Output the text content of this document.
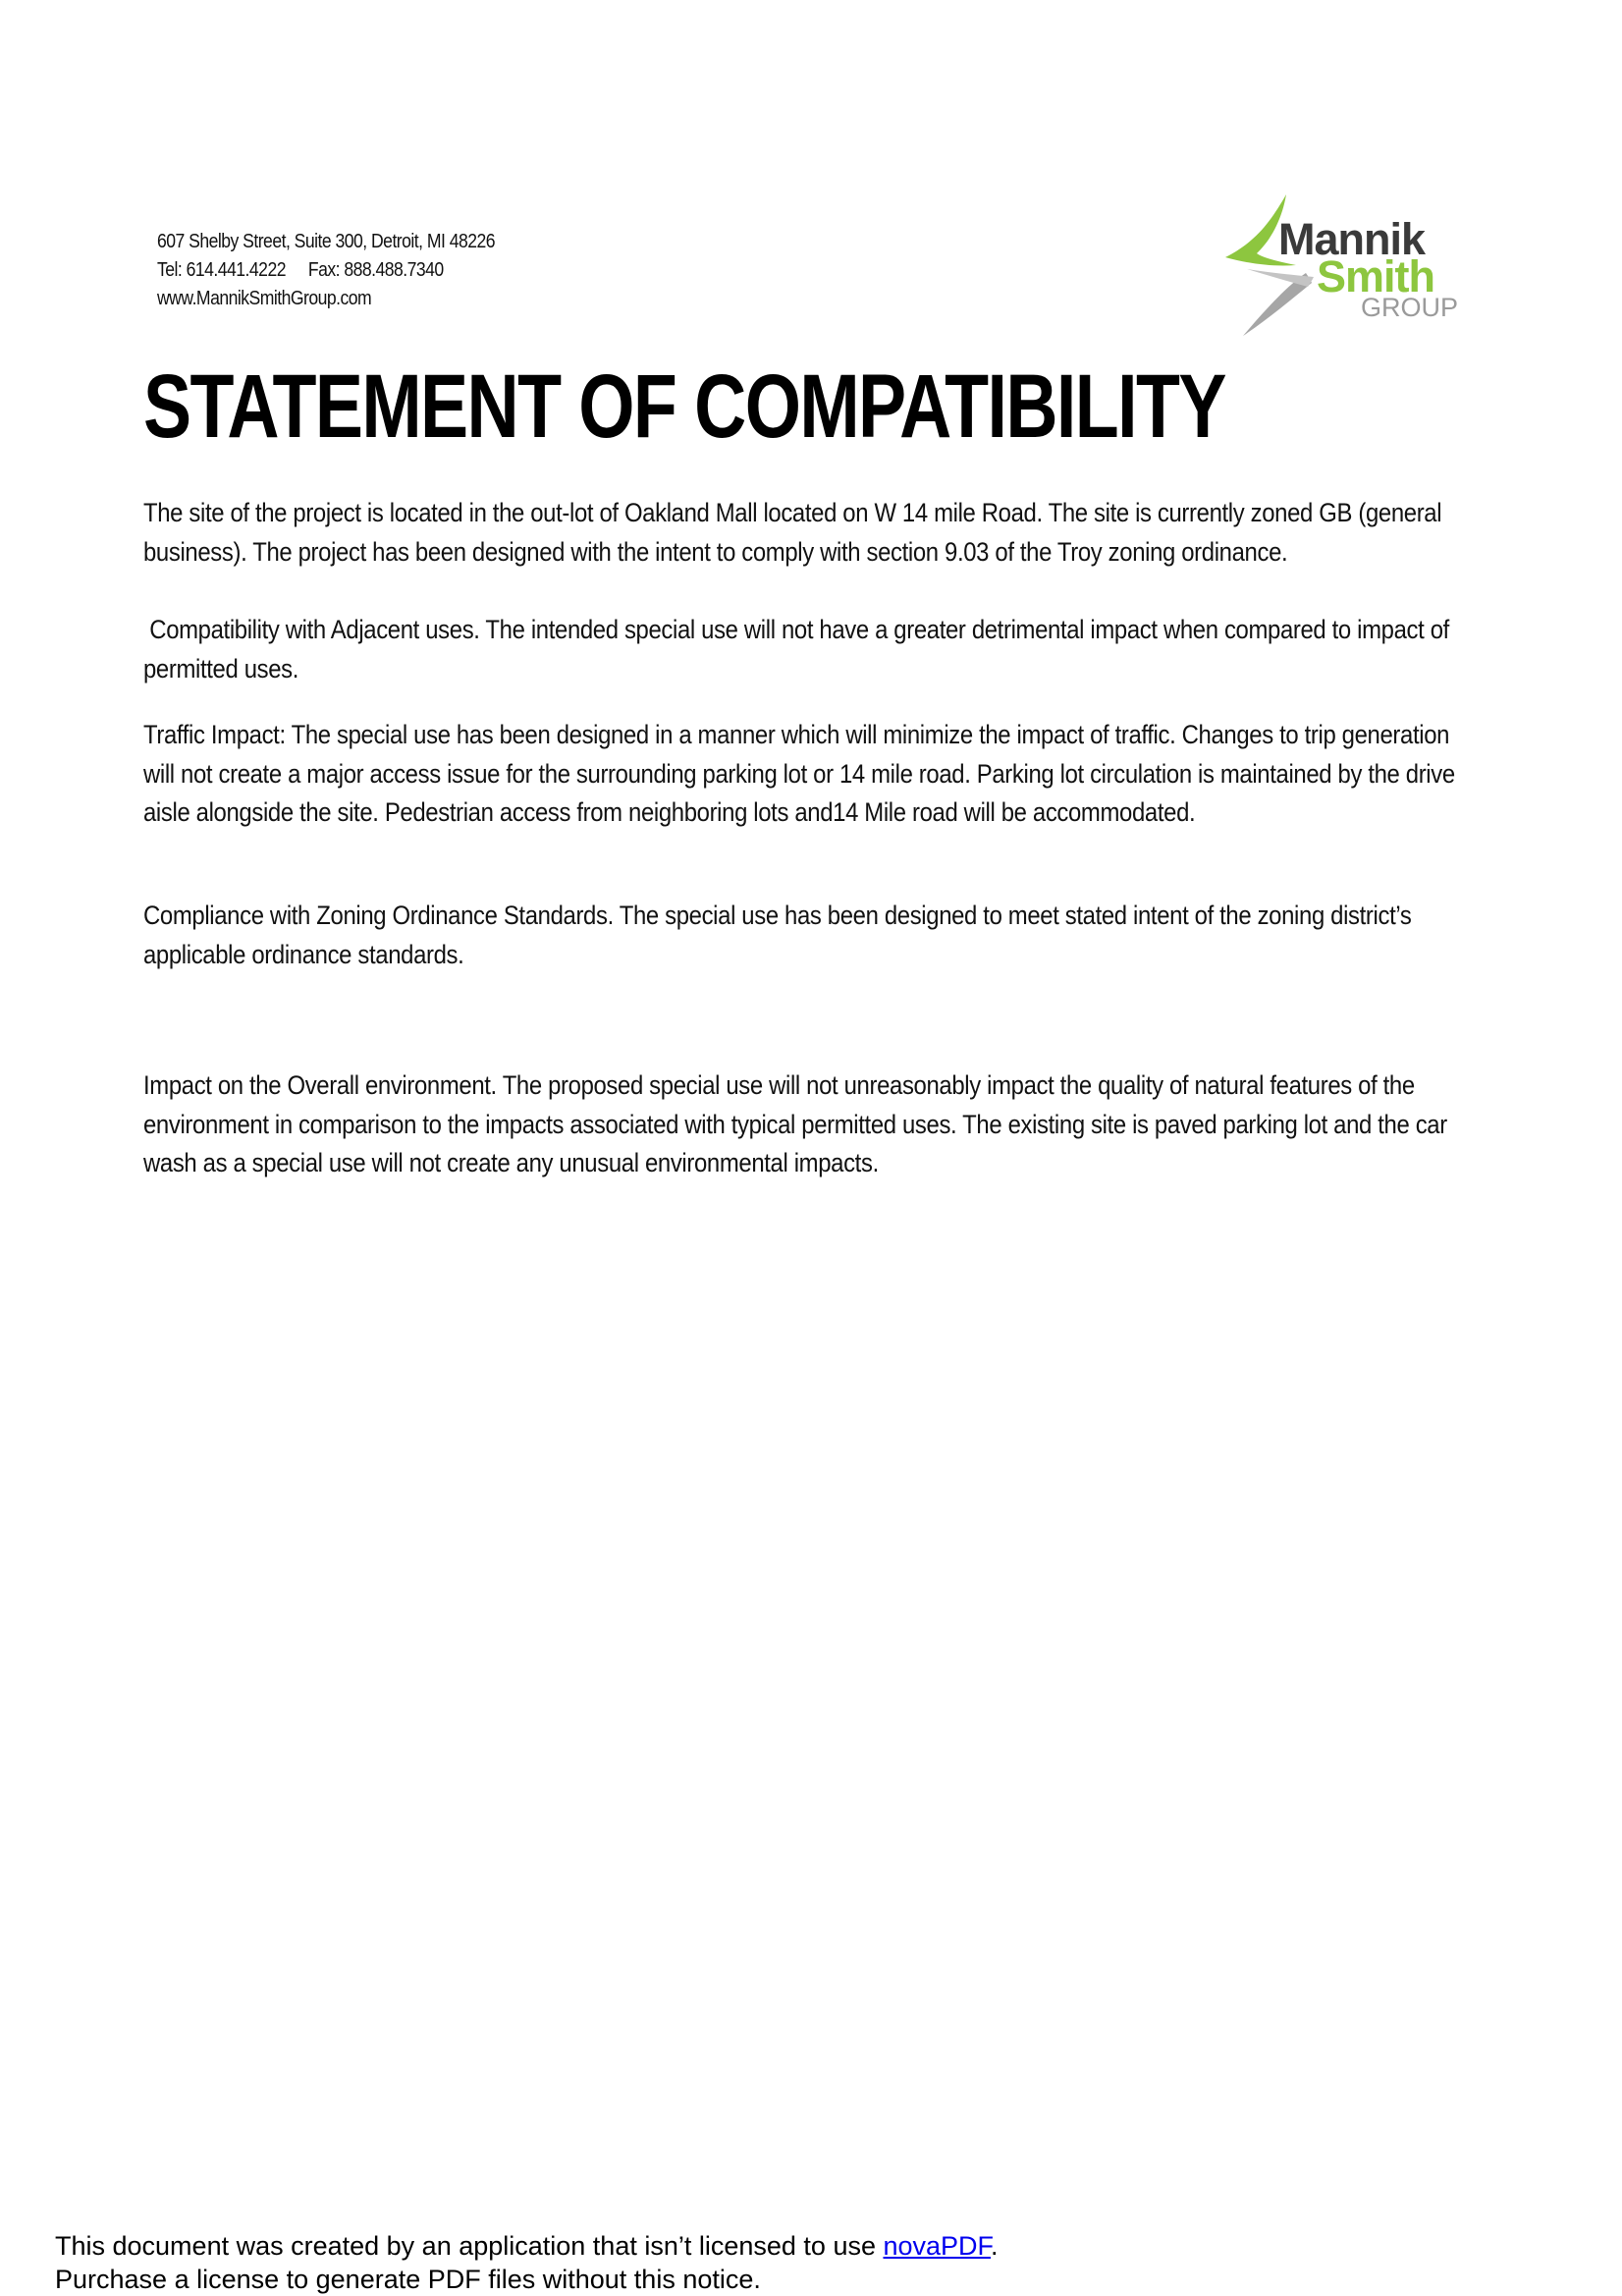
607 Shelby Street, Suite 300, Detroit, MI 48226
Tel: 614.441.4222 Fax: 888.488.7340
www.MannikSmithGroup.com
Mannik
Smith
GROUP
STATEMENT OF COMPATIBILITY

The site of the project is located in the out-lot of Oakland Mall located on W 14 mile Road. The site is currently zoned GB (general business). The project has been designed with the intent to comply with section 9.03 of the Troy zoning ordinance.

Compatibility with Adjacent uses. The intended special use will not have a greater detrimental impact when compared to impact of permitted uses.

Traffic Impact: The special use has been designed in a manner which will minimize the impact of traffic. Changes to trip generation will not create a major access issue for the surrounding parking lot or 14 mile road. Parking lot circulation is maintained by the drive aisle alongside the site. Pedestrian access from neighboring lots and14 Mile road will be accommodated.

Compliance with Zoning Ordinance Standards. The special use has been designed to meet stated intent of the zoning district’s applicable ordinance standards.

Impact on the Overall environment. The proposed special use will not unreasonably impact the quality of natural features of the environment in comparison to the impacts associated with typical permitted uses. The existing site is paved parking lot and the car wash as a special use will not create any unusual environmental impacts.

This document was created by an application that isn’t licensed to use novaPDF.
Purchase a license to generate PDF files without this notice.
